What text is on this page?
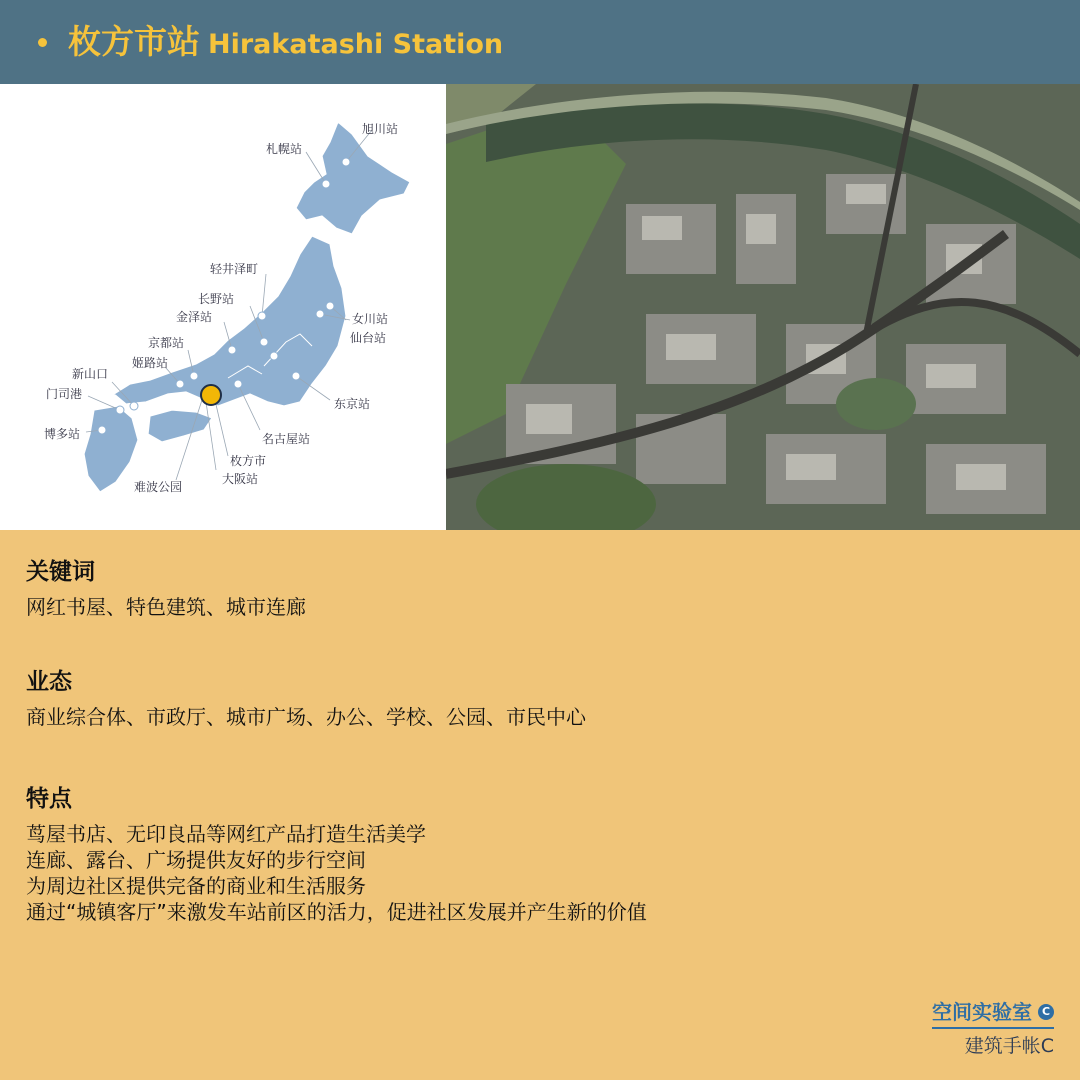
枚方市站 Hirakatashi Station
旭川站
札幌站
轻井泽町
长野站
金泽站	女川站
仙台站
京都站
姬路站
新山口
门司港
东京站
博多站	名古屋站
枚方市
大阪站
难波公园
关键词
网红书屋、特色建筑、城市连廊
业态
商业综合体、市政厅、城市广场、办公、学校、公园、市民中心
特点
茑屋书店、无印良品等网红产品打造生活美学
连廊、露台、广场提供友好的步行空间
为周边社区提供完备的商业和生活服务
通过“城镇客厅”来激发车站前区的活力，促进社区发展并产生新的价值
空间实验室 C
建筑手帐C
